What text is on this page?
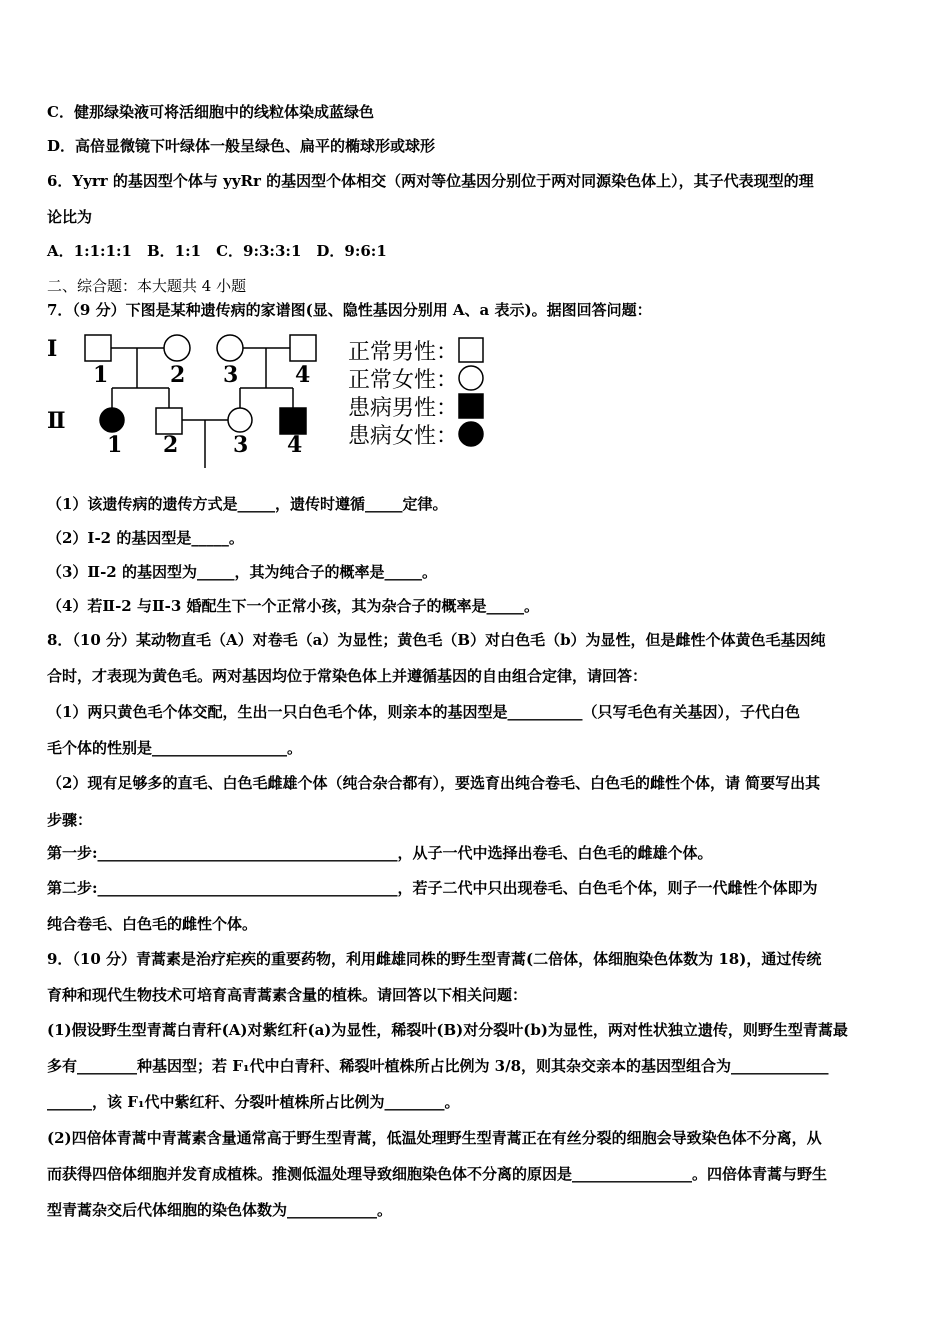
C．健那绿染液可将活细胞中的线粒体染成蓝绿色
D．高倍显微镜下叶绿体一般呈绿色、扁平的椭球形或球形
6．Yyrr 的基因型个体与 yyRr 的基因型个体相交（两对等位基因分别位于两对同源染色体上），其子代表现型的理
论比为
A．1:1:1:1　B．1:1　C．9:3:3:1　D．9:6:1
二、综合题：本大题共 4 小题
7．（9 分）下图是某种遗传病的家谱图(显、隐性基因分别用 A、a 表示)。据图回答问题：
Ⅰ
Ⅱ
1	2 3	4
1 2 3 4
正常男性：
正常女性：
患病男性：
患病女性：
（1）该遗传病的遗传方式是_____，遗传时遵循_____定律。
（2）Ⅰ-2 的基因型是_____。
（3）Ⅱ-2 的基因型为_____，其为纯合子的概率是_____。
（4）若Ⅱ-2 与Ⅱ-3 婚配生下一个正常小孩，其为杂合子的概率是_____。
8．（10 分）某动物直毛（A）对卷毛（a）为显性；黄色毛（B）对白色毛（b）为显性，但是雌性个体黄色毛基因纯
合时，才表现为黄色毛。两对基因均位于常染色体上并遵循基因的自由组合定律，请回答：
（1）两只黄色毛个体交配，生出一只白色毛个体，则亲本的基因型是__________（只写毛色有关基因），子代白色
毛个体的性别是__________________。
（2）现有足够多的直毛、白色毛雌雄个体（纯合杂合都有），要选育出纯合卷毛、白色毛的雌性个体，请 简要写出其
步骤：
第一步:________________________________________，从子一代中选择出卷毛、白色毛的雌雄个体。
第二步:________________________________________，若子二代中只出现卷毛、白色毛个体，则子一代雌性个体即为
纯合卷毛、白色毛的雌性个体。
9．（10 分）青蒿素是治疗疟疾的重要药物，利用雌雄同株的野生型青蒿(二倍体，体细胞染色体数为 18)，通过传统
育种和现代生物技术可培育高青蒿素含量的植株。请回答以下相关问题：
(1)假设野生型青蒿白青秆(A)对紫红秆(a)为显性，稀裂叶(B)对分裂叶(b)为显性，两对性状独立遗传，则野生型青蒿最
多有________种基因型；若 F₁代中白青秆、稀裂叶植株所占比例为 3/8，则其杂交亲本的基因型组合为_____________
______，该 F₁代中紫红秆、分裂叶植株所占比例为________。
(2)四倍体青蒿中青蒿素含量通常高于野生型青蒿，低温处理野生型青蒿正在有丝分裂的细胞会导致染色体不分离，从
而获得四倍体细胞并发育成植株。推测低温处理导致细胞染色体不分离的原因是________________。四倍体青蒿与野生
型青蒿杂交后代体细胞的染色体数为____________。
